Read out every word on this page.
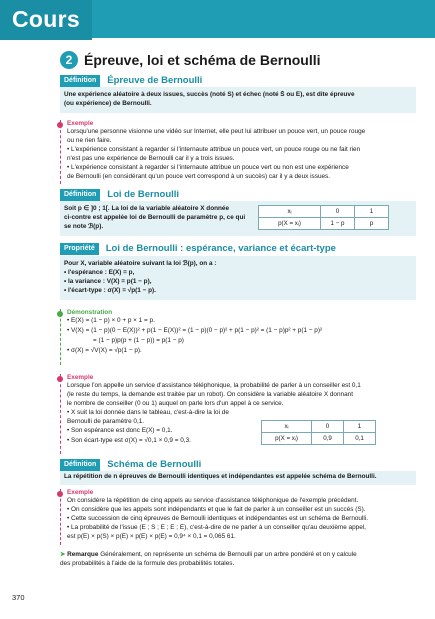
Cours
2 Épreuve, loi et schéma de Bernoulli
Définition	Épreuve de Bernoulli
Une expérience aléatoire à deux issues, succès (noté S) et échec (noté S̄ ou E), est dite épreuve
(ou expérience) de Bernoulli.
Exemple
Lorsqu'une personne visionne une vidéo sur Internet, elle peut lui attribuer un pouce vert, un pouce rouge
ou ne rien faire.
• L'expérience consistant à regarder si l'internaute attribue un pouce vert, un pouce rouge ou ne fait rien
n'est pas une expérience de Bernoulli car il y a trois issues.
• L'expérience consistant à regarder si l'internaute attribue un pouce vert ou non est une expérience
de Bernoulli (en considérant qu'un pouce vert correspond à un succès) car il y a deux issues.
Définition	Loi de Bernoulli
Soit p ∈ ]0 ; 1[. La loi de la variable aléatoire X donnée
ci-contre est appelée loi de Bernoulli de paramètre p, ce qui
se note ℬ(p).
xᵢ	0	1
p(X = xᵢ)	1 − p	p
Propriété	Loi de Bernoulli : espérance, variance et écart-type
Pour X, variable aléatoire suivant la loi ℬ(p), on a :
• l'espérance : E(X) = p,
• la variance : V(X) = p(1 − p),
• l'écart-type : σ(X) = √p(1 − p).
Démonstration
• E(X) = (1 − p) × 0 + p × 1 = p.
• V(X) = (1 − p)(0 − E(X))² + p(1 − E(X))² = (1 − p)(0 − p)² + p(1 − p)² = (1 − p)p² + p(1 − p)²
= (1 − p)p(p + (1 − p)) = p(1 − p)
• σ(X) = √V(X) = √p(1 − p).
Exemple
Lorsque l'on appelle un service d'assistance téléphonique, la probabilité de parler à un conseiller est 0,1
(le reste du temps, la demande est traitée par un robot). On considère la variable aléatoire X donnant
le nombre de conseiller (0 ou 1) auquel on parle lors d'un appel à ce service.
• X suit la loi donnée dans le tableau, c'est-à-dire la loi de
Bernoulli de paramètre 0,1.
• Son espérance est donc E(X) = 0,1.
• Son écart-type est σ(X) = √0,1 × 0,9 = 0,3.
xᵢ	0	1
p(X = xᵢ)	0,9	0,1
Définition	Schéma de Bernoulli
La répétition de n épreuves de Bernoulli identiques et indépendantes est appelée schéma de Bernoulli.
Exemple
On considère la répétition de cinq appels au service d'assistance téléphonique de l'exemple précédent.
• On considère que les appels sont indépendants et que le fait de parler à un conseiller est un succès (S).
• Cette succession de cinq épreuves de Bernoulli identiques et indépendantes est un schéma de Bernoulli.
• La probabilité de l'issue (E ; S ; E ; E ; E), c'est-à-dire de ne parler à un conseiller qu'au deuxième appel,
est p(E) × p(S) × p(E) × p(E) × p(E) = 0,9⁴ × 0,1 = 0,065 61.
➤ Remarque Généralement, on représente un schéma de Bernoulli par un arbre pondéré et on y calcule
des probabilités à l'aide de la formule des probabilités totales.
370
